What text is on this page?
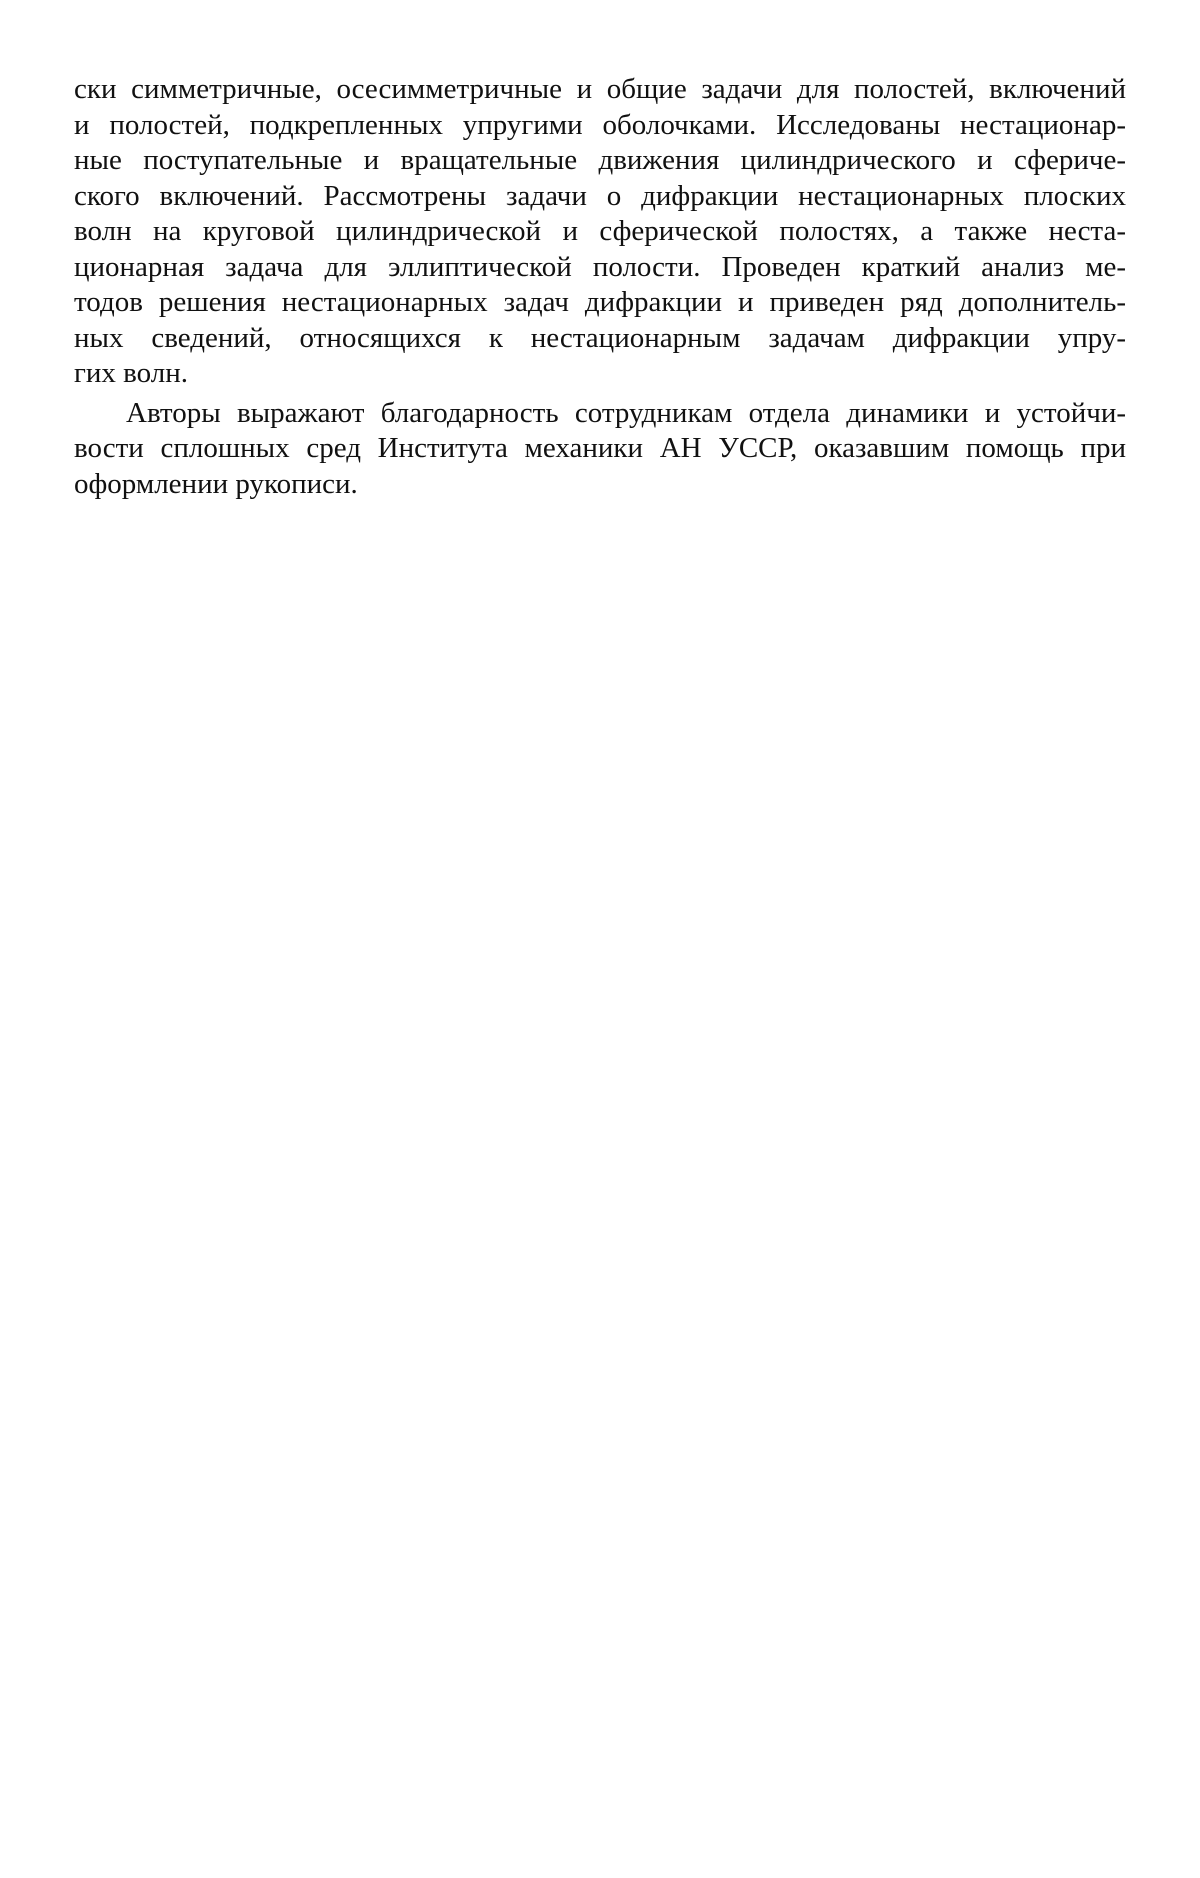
ски симметричные, осесимметричные и общие задачи для полостей, включений
и полостей, подкрепленных упругими оболочками. Исследованы нестационар-
ные поступательные и вращательные движения цилиндрического и сфериче-
ского включений. Рассмотрены задачи о дифракции нестационарных плоских
волн на круговой цилиндрической и сферической полостях, а также неста-
ционарная задача для эллиптической полости. Проведен краткий анализ ме-
тодов решения нестационарных задач дифракции и приведен ряд дополнитель-
ных сведений, относящихся к нестационарным задачам дифракции упру-
гих волн.
Авторы выражают благодарность сотрудникам отдела динамики и устойчи-
вости сплошных сред Института механики АН УССР, оказавшим помощь при
оформлении рукописи.
